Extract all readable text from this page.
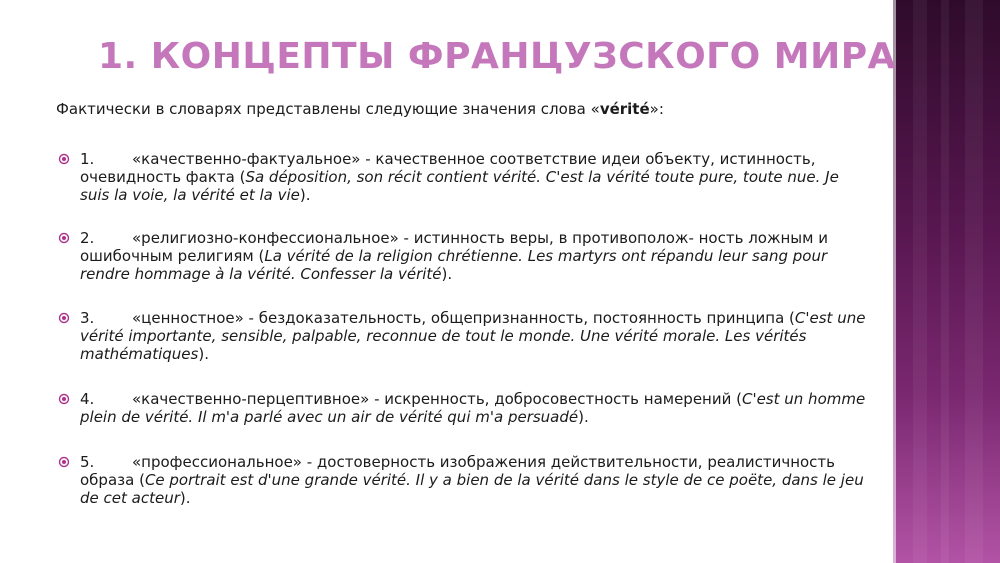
1. КОНЦЕПТЫ ФРАНЦУЗСКОГО МИРА
Фактически в словарях представлены следующие значения слова «vérité»:
1.	«качественно-фактуальное» - качественное соответствие идеи объекту, истинность, очевидность факта (Sa déposition, son récit contient vérité. C'est la vérité toute pure, toute nue. Je suis la voie, la vérité et la vie).
2.	«религиозно-конфессиональное» - истинность веры, в противополож- ность ложным и ошибочным религиям (La vérité de la religion chrétienne. Les martyrs ont répandu leur sang pour rendre hommage à la vérité. Confesser la vérité).
3.	«ценностное» - бездоказательность, общепризнанность, постоянность принципа (C'est une vérité importante, sensible, palpable, reconnue de tout le monde. Une vérité morale. Les vérités mathématiques).
4.	«качественно-перцептивное» - искренность, добросовестность намерений (C'est un homme plein de vérité. Il m'a parlé avec un air de vérité qui m'a persuadé).
5.	«профессиональное» - достоверность изображения действительности, реалистичность образа (Ce portrait est d'une grande vérité. Il y a bien de la vérité dans le style de ce poëte, dans le jeu de cet acteur).
